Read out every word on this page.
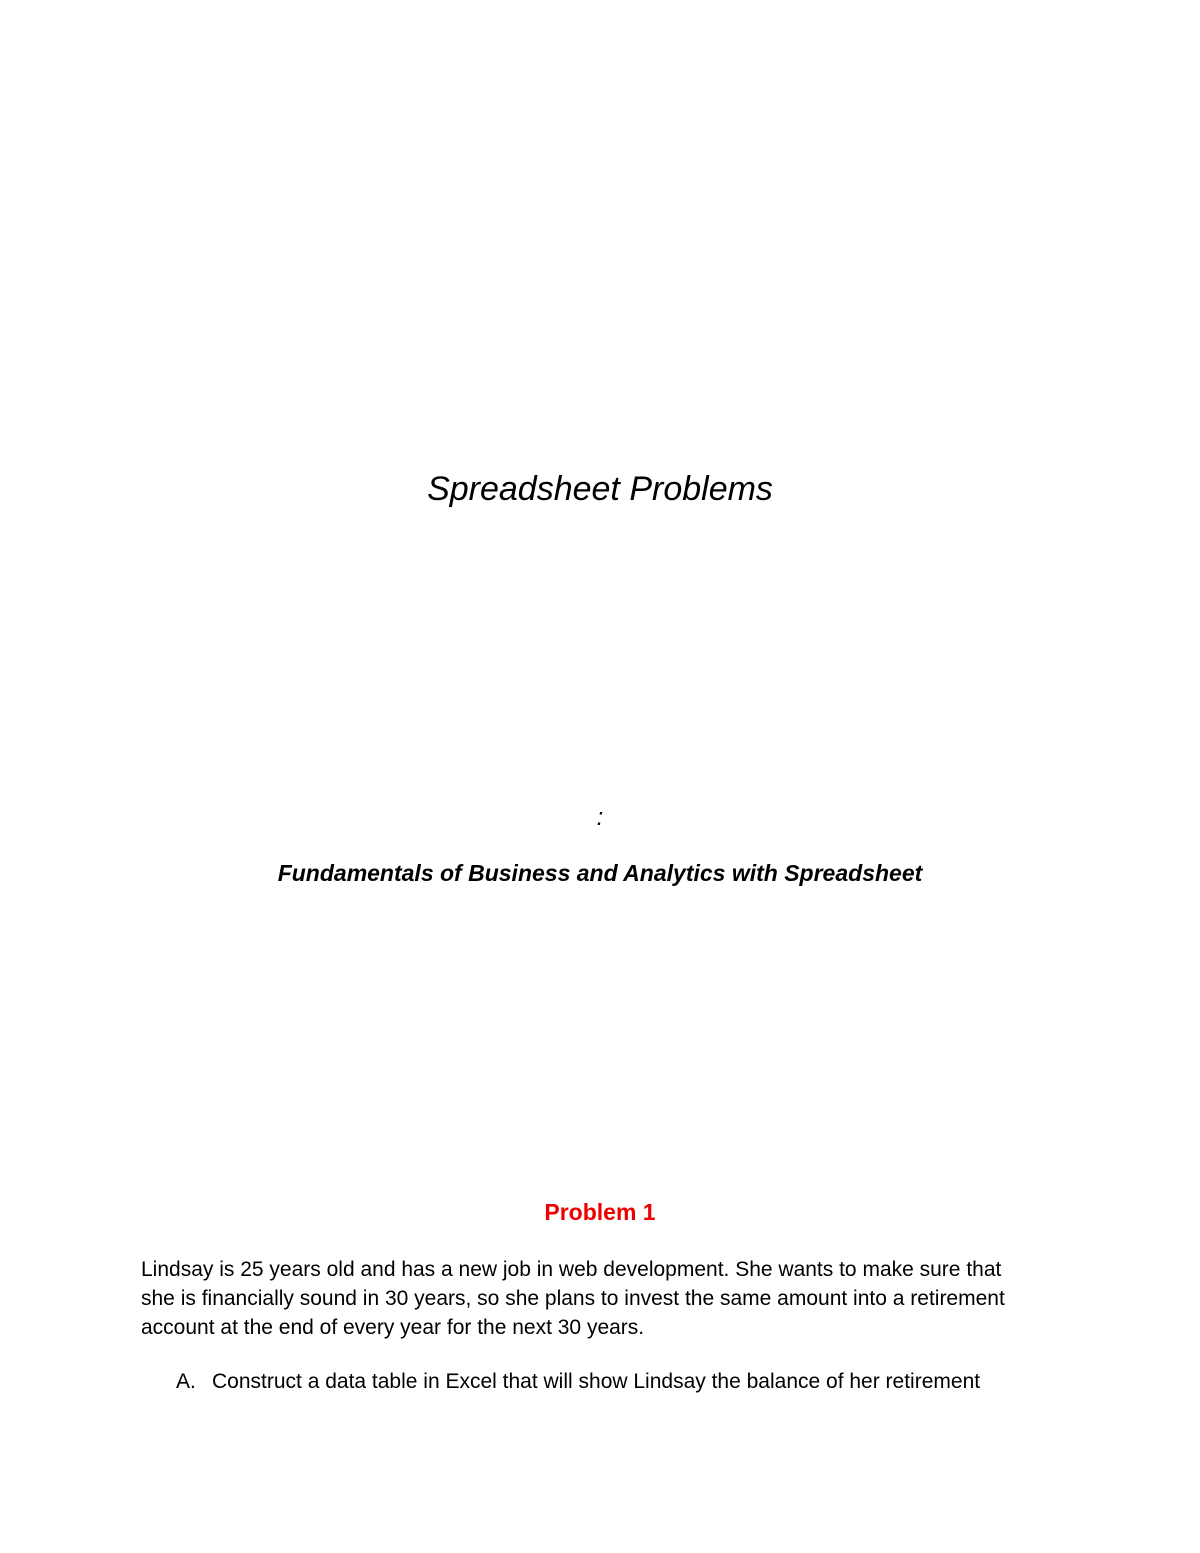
Spreadsheet Problems
:
Fundamentals of Business and Analytics with Spreadsheet
Problem 1

Lindsay is 25 years old and has a new job in web development. She wants to make sure that she is financially sound in 30 years, so she plans to invest the same amount into a retirement account at the end of every year for the next 30 years.

A. Construct a data table in Excel that will show Lindsay the balance of her retirement
